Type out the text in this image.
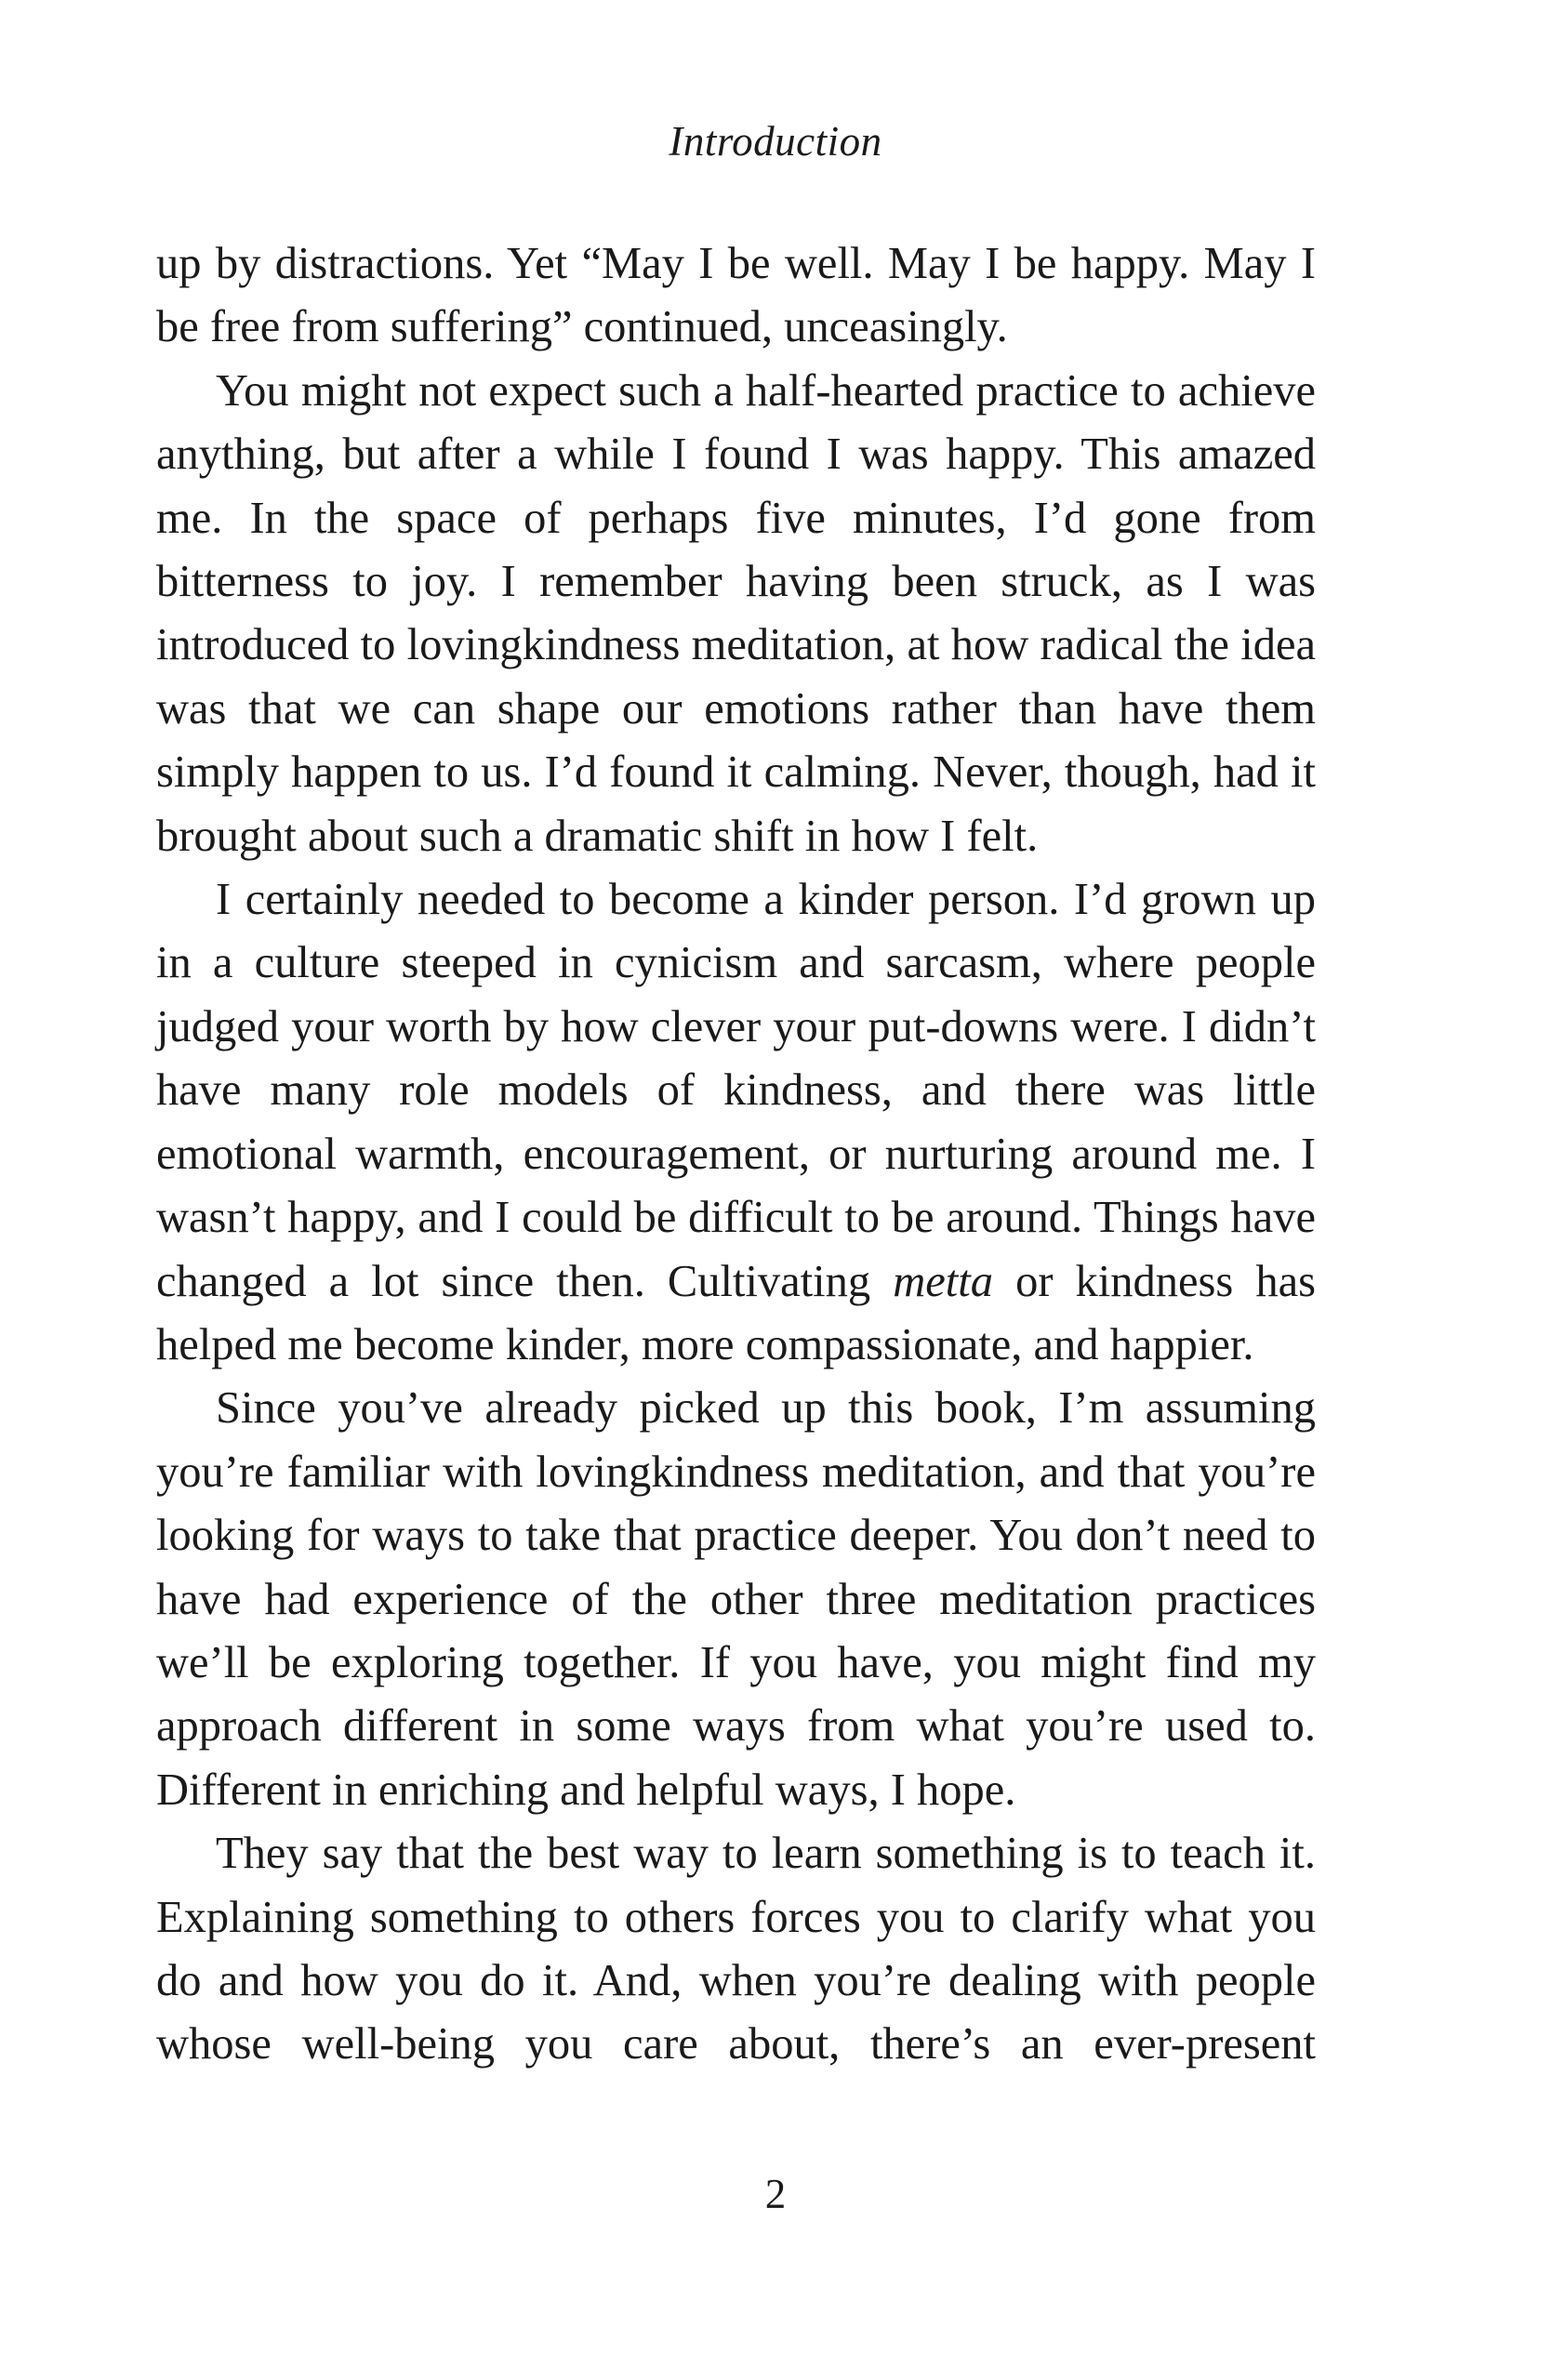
Introduction

up by distractions. Yet “May I be well. May I be happy. May I be free from suffering” continued, unceasingly.

You might not expect such a half-hearted practice to achieve anything, but after a while I found I was happy. This amazed me. In the space of perhaps five minutes, I’d gone from bitterness to joy. I remember having been struck, as I was introduced to lovingkindness meditation, at how radical the idea was that we can shape our emotions rather than have them simply happen to us. I’d found it calming. Never, though, had it brought about such a dramatic shift in how I felt.

I certainly needed to become a kinder person. I’d grown up in a culture steeped in cynicism and sarcasm, where people judged your worth by how clever your put-downs were. I didn’t have many role models of kindness, and there was little emotional warmth, encouragement, or nurturing around me. I wasn’t happy, and I could be difficult to be around. Things have changed a lot since then. Cultivating metta or kindness has helped me become kinder, more compassionate, and happier.

Since you’ve already picked up this book, I’m assuming you’re familiar with lovingkindness meditation, and that you’re looking for ways to take that practice deeper. You don’t need to have had experience of the other three meditation practices we’ll be exploring together. If you have, you might find my approach different in some ways from what you’re used to. Different in enriching and helpful ways, I hope.

They say that the best way to learn something is to teach it. Explaining something to others forces you to clarify what you do and how you do it. And, when you’re dealing with people whose well-being you care about, there’s an ever-present

2
